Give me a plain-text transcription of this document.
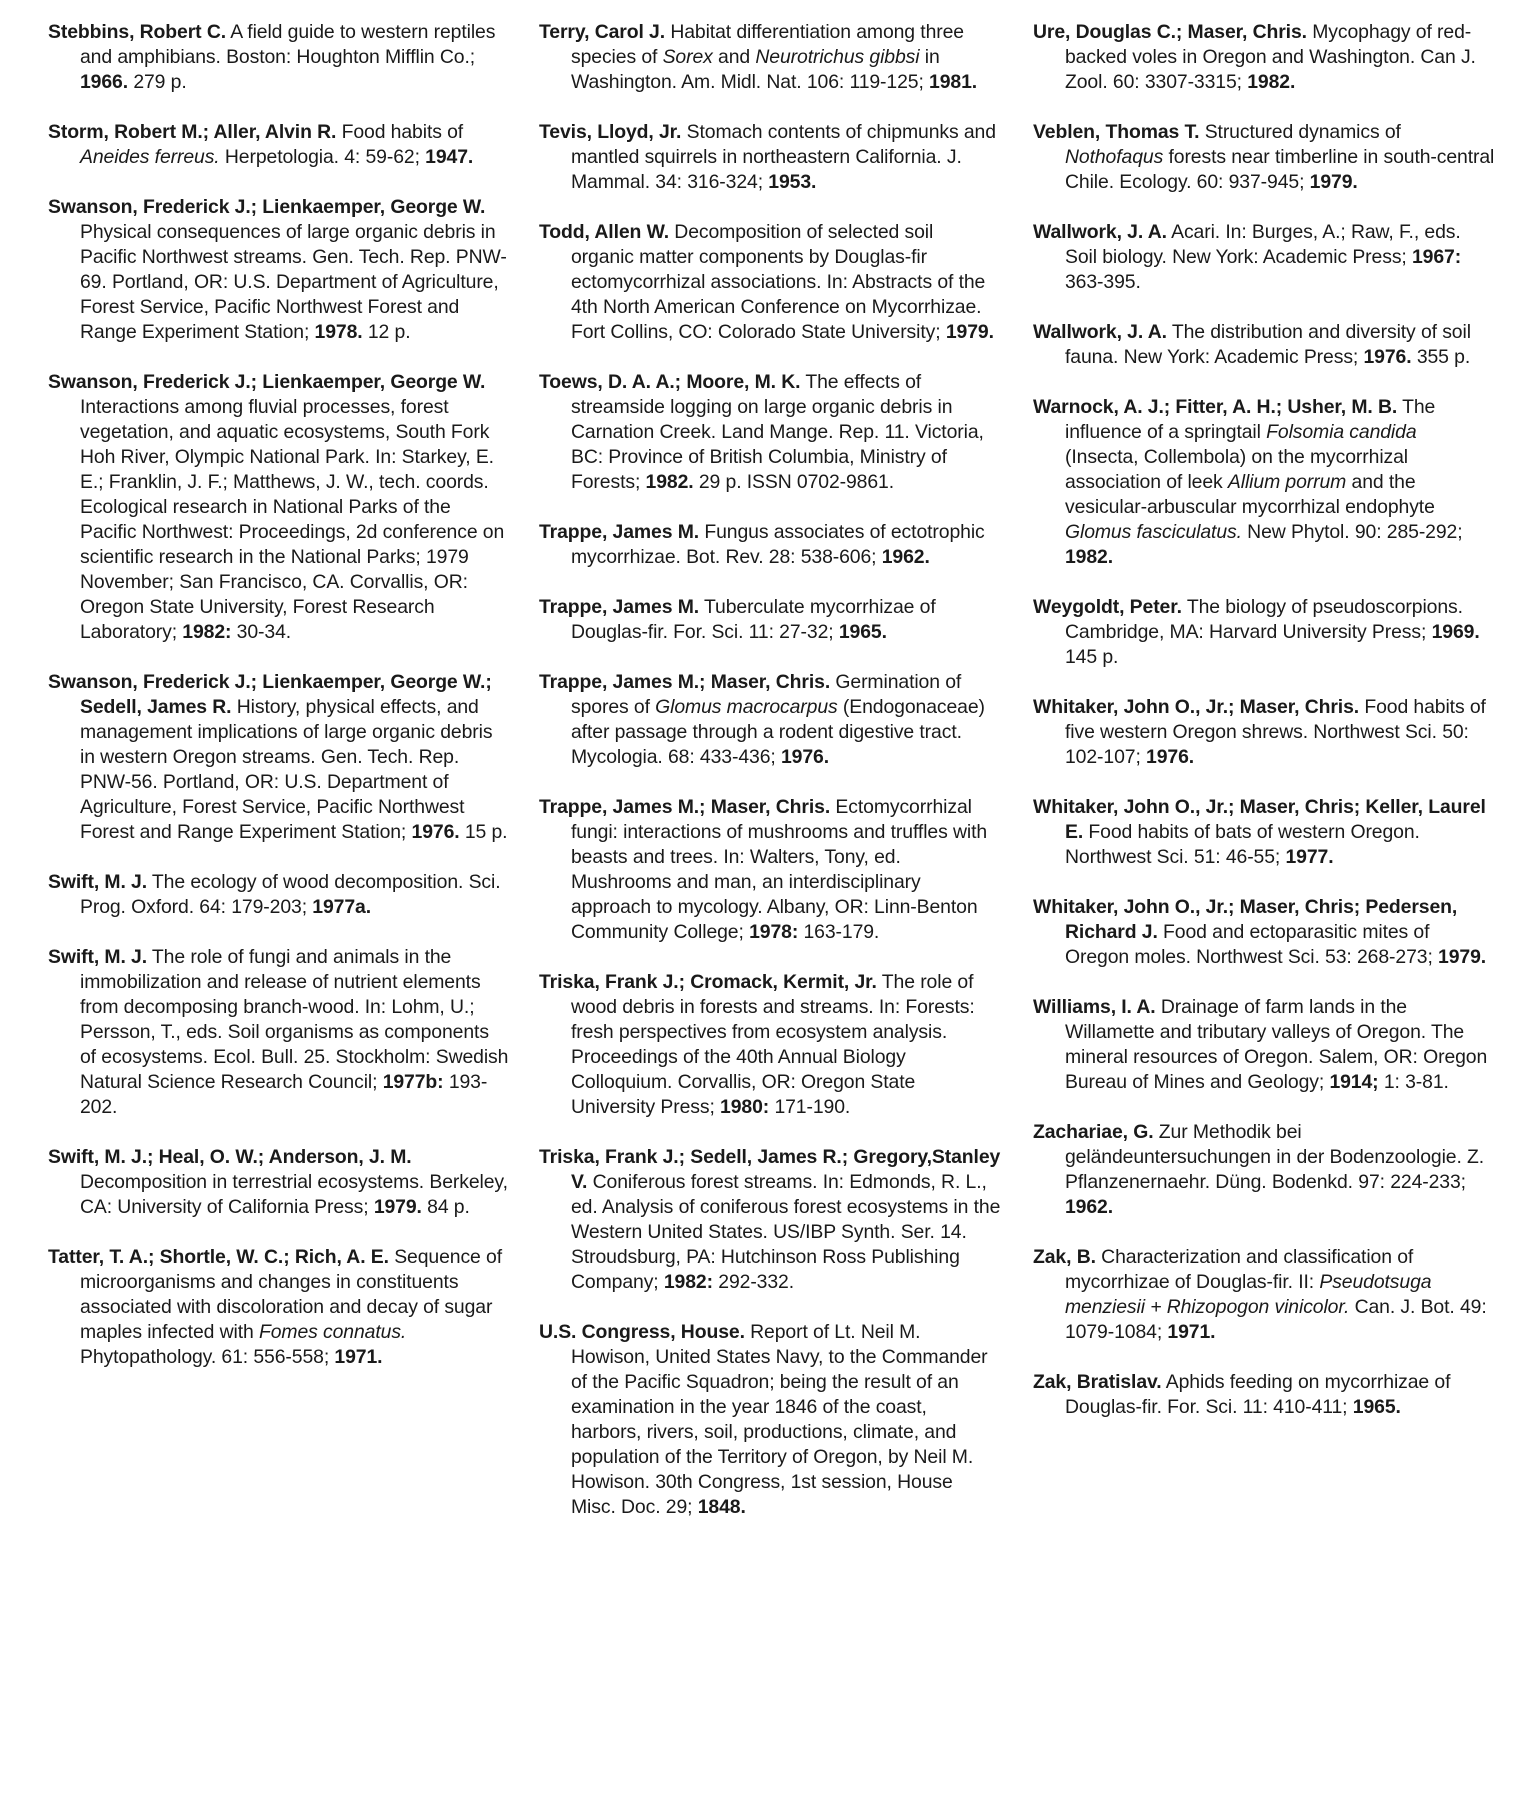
Stebbins, Robert C. A field guide to western reptiles and amphibians. Boston: Houghton Mifflin Co.; 1966. 279 p.

Storm, Robert M.; Aller, Alvin R. Food habits of Aneides ferreus. Herpetologia. 4: 59-62; 1947.

Swanson, Frederick J.; Lienkaemper, George W. Physical consequences of large organic debris in Pacific Northwest streams. Gen. Tech. Rep. PNW-69. Portland, OR: U.S. Department of Agriculture, Forest Service, Pacific Northwest Forest and Range Experiment Station; 1978. 12 p.

Swanson, Frederick J.; Lienkaemper, George W. Interactions among fluvial processes, forest vegetation, and aquatic ecosystems, South Fork Hoh River, Olympic National Park. In: Starkey, E. E.; Franklin, J. F.; Matthews, J. W., tech. coords. Ecological research in National Parks of the Pacific Northwest: Proceedings, 2d conference on scientific research in the National Parks; 1979 November; San Francisco, CA. Corvallis, OR: Oregon State University, Forest Research Laboratory; 1982: 30-34.

Swanson, Frederick J.; Lienkaemper, George W.; Sedell, James R. History, physical effects, and management implications of large organic debris in western Oregon streams. Gen. Tech. Rep. PNW-56. Portland, OR: U.S. Department of Agriculture, Forest Service, Pacific Northwest Forest and Range Experiment Station; 1976. 15 p.

Swift, M. J. The ecology of wood decomposition. Sci. Prog. Oxford. 64: 179-203; 1977a.

Swift, M. J. The role of fungi and animals in the immobilization and release of nutrient elements from decomposing branch-wood. In: Lohm, U.; Persson, T., eds. Soil organisms as components of ecosystems. Ecol. Bull. 25. Stockholm: Swedish Natural Science Research Council; 1977b: 193-202.

Swift, M. J.; Heal, O. W.; Anderson, J. M. Decomposition in terrestrial ecosystems. Berkeley, CA: University of California Press; 1979. 84 p.

Tatter, T. A.; Shortle, W. C.; Rich, A. E. Sequence of microorganisms and changes in constituents associated with discoloration and decay of sugar maples infected with Fomes connatus. Phytopathology. 61: 556-558; 1971.

Terry, Carol J. Habitat differentiation among three species of Sorex and Neurotrichus gibbsi in Washington. Am. Midl. Nat. 106: 119-125; 1981.

Tevis, Lloyd, Jr. Stomach contents of chipmunks and mantled squirrels in northeastern California. J. Mammal. 34: 316-324; 1953.

Todd, Allen W. Decomposition of selected soil organic matter components by Douglas-fir ectomycorrhizal associations. In: Abstracts of the 4th North American Conference on Mycorrhizae. Fort Collins, CO: Colorado State University; 1979.

Toews, D. A. A.; Moore, M. K. The effects of streamside logging on large organic debris in Carnation Creek. Land Mange. Rep. 11. Victoria, BC: Province of British Columbia, Ministry of Forests; 1982. 29 p. ISSN 0702-9861.

Trappe, James M. Fungus associates of ectotrophic mycorrhizae. Bot. Rev. 28: 538-606; 1962.

Trappe, James M. Tuberculate mycorrhizae of Douglas-fir. For. Sci. 11: 27-32; 1965.

Trappe, James M.; Maser, Chris. Germination of spores of Glomus macrocarpus (Endogonaceae) after passage through a rodent digestive tract. Mycologia. 68: 433-436; 1976.

Trappe, James M.; Maser, Chris. Ectomycorrhizal fungi: interactions of mushrooms and truffles with beasts and trees. In: Walters, Tony, ed. Mushrooms and man, an interdisciplinary approach to mycology. Albany, OR: Linn-Benton Community College; 1978: 163-179.

Triska, Frank J.; Cromack, Kermit, Jr. The role of wood debris in forests and streams. In: Forests: fresh perspectives from ecosystem analysis. Proceedings of the 40th Annual Biology Colloquium. Corvallis, OR: Oregon State University Press; 1980: 171-190.

Triska, Frank J.; Sedell, James R.; Gregory,Stanley V. Coniferous forest streams. In: Edmonds, R. L., ed. Analysis of coniferous forest ecosystems in the Western United States. US/IBP Synth. Ser. 14. Stroudsburg, PA: Hutchinson Ross Publishing Company; 1982: 292-332.

U.S. Congress, House. Report of Lt. Neil M. Howison, United States Navy, to the Commander of the Pacific Squadron; being the result of an examination in the year 1846 of the coast, harbors, rivers, soil, productions, climate, and population of the Territory of Oregon, by Neil M. Howison. 30th Congress, 1st session, House Misc. Doc. 29; 1848.

Ure, Douglas C.; Maser, Chris. Mycophagy of red-backed voles in Oregon and Washington. Can J. Zool. 60: 3307-3315; 1982.

Veblen, Thomas T. Structured dynamics of Nothofaqus forests near timberline in south-central Chile. Ecology. 60: 937-945; 1979.

Wallwork, J. A. Acari. In: Burges, A.; Raw, F., eds. Soil biology. New York: Academic Press; 1967: 363-395.

Wallwork, J. A. The distribution and diversity of soil fauna. New York: Academic Press; 1976. 355 p.

Warnock, A. J.; Fitter, A. H.; Usher, M. B. The influence of a springtail Folsomia candida (Insecta, Collembola) on the mycorrhizal association of leek Allium porrum and the vesicular-arbuscular mycorrhizal endophyte Glomus fasciculatus. New Phytol. 90: 285-292; 1982.

Weygoldt, Peter. The biology of pseudoscorpions. Cambridge, MA: Harvard University Press; 1969. 145 p.

Whitaker, John O., Jr.; Maser, Chris. Food habits of five western Oregon shrews. Northwest Sci. 50: 102-107; 1976.

Whitaker, John O., Jr.; Maser, Chris; Keller, Laurel E. Food habits of bats of western Oregon. Northwest Sci. 51: 46-55; 1977.

Whitaker, John O., Jr.; Maser, Chris; Pedersen, Richard J. Food and ectoparasitic mites of Oregon moles. Northwest Sci. 53: 268-273; 1979.

Williams, I. A. Drainage of farm lands in the Willamette and tributary valleys of Oregon. The mineral resources of Oregon. Salem, OR: Oregon Bureau of Mines and Geology; 1914; 1: 3-81.

Zachariae, G. Zur Methodik bei geländeuntersuchungen in der Bodenzoologie. Z. Pflanzenernaehr. Düng. Bodenkd. 97: 224-233; 1962.

Zak, B. Characterization and classification of mycorrhizae of Douglas-fir. II: Pseudotsuga menziesii + Rhizopogon vinicolor. Can. J. Bot. 49: 1079-1084; 1971.

Zak, Bratislav. Aphids feeding on mycorrhizae of Douglas-fir. For. Sci. 11: 410-411; 1965.
